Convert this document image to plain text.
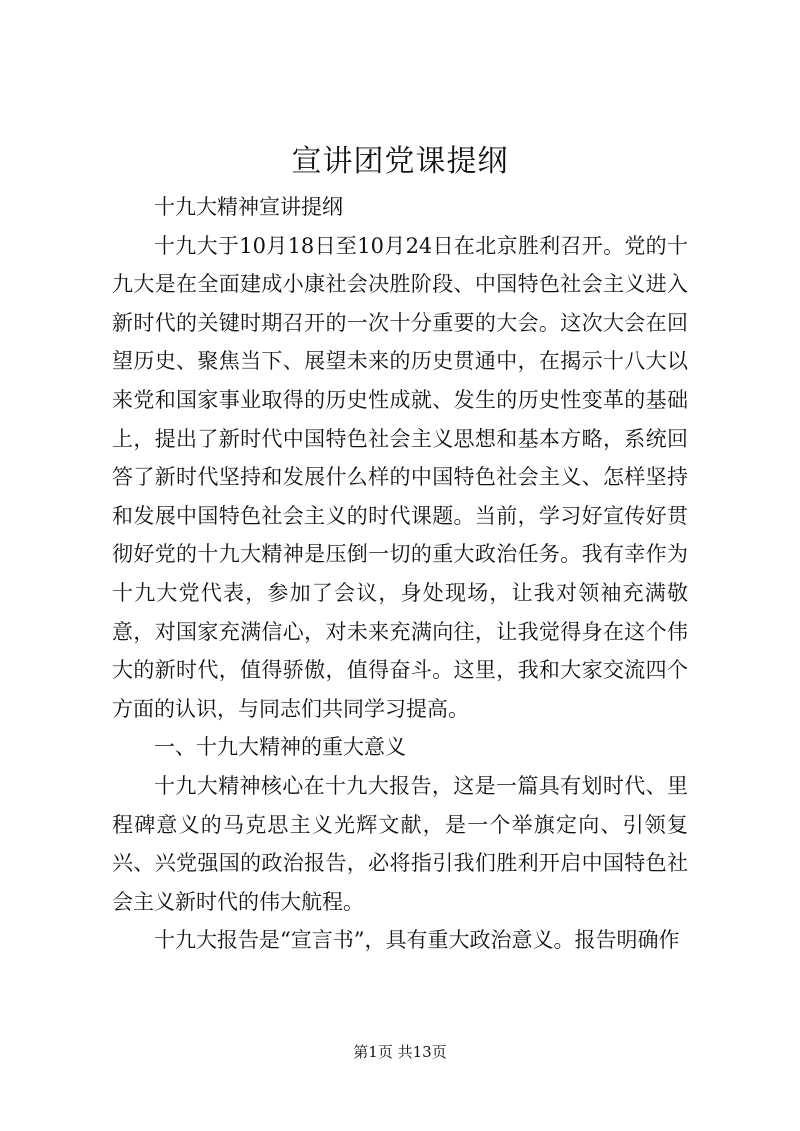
宣讲团党课提纲

十九大精神宣讲提纲

十九大于10月18日至10月24日在北京胜利召开。党的十九大是在全面建成小康社会决胜阶段、中国特色社会主义进入新时代的关键时期召开的一次十分重要的大会。这次大会在回望历史、聚焦当下、展望未来的历史贯通中，在揭示十八大以来党和国家事业取得的历史性成就、发生的历史性变革的基础上，提出了新时代中国特色社会主义思想和基本方略，系统回答了新时代坚持和发展什么样的中国特色社会主义、怎样坚持和发展中国特色社会主义的时代课题。当前，学习好宣传好贯彻好党的十九大精神是压倒一切的重大政治任务。我有幸作为十九大党代表，参加了会议，身处现场，让我对领袖充满敬意，对国家充满信心，对未来充满向往，让我觉得身在这个伟大的新时代，值得骄傲，值得奋斗。这里，我和大家交流四个方面的认识，与同志们共同学习提高。

一、十九大精神的重大意义

十九大精神核心在十九大报告，这是一篇具有划时代、里程碑意义的马克思主义光辉文献，是一个举旗定向、引领复兴、兴党强国的政治报告，必将指引我们胜利开启中国特色社会主义新时代的伟大航程。

十九大报告是“宣言书”，具有重大政治意义。报告明确作

第1页 共13页
